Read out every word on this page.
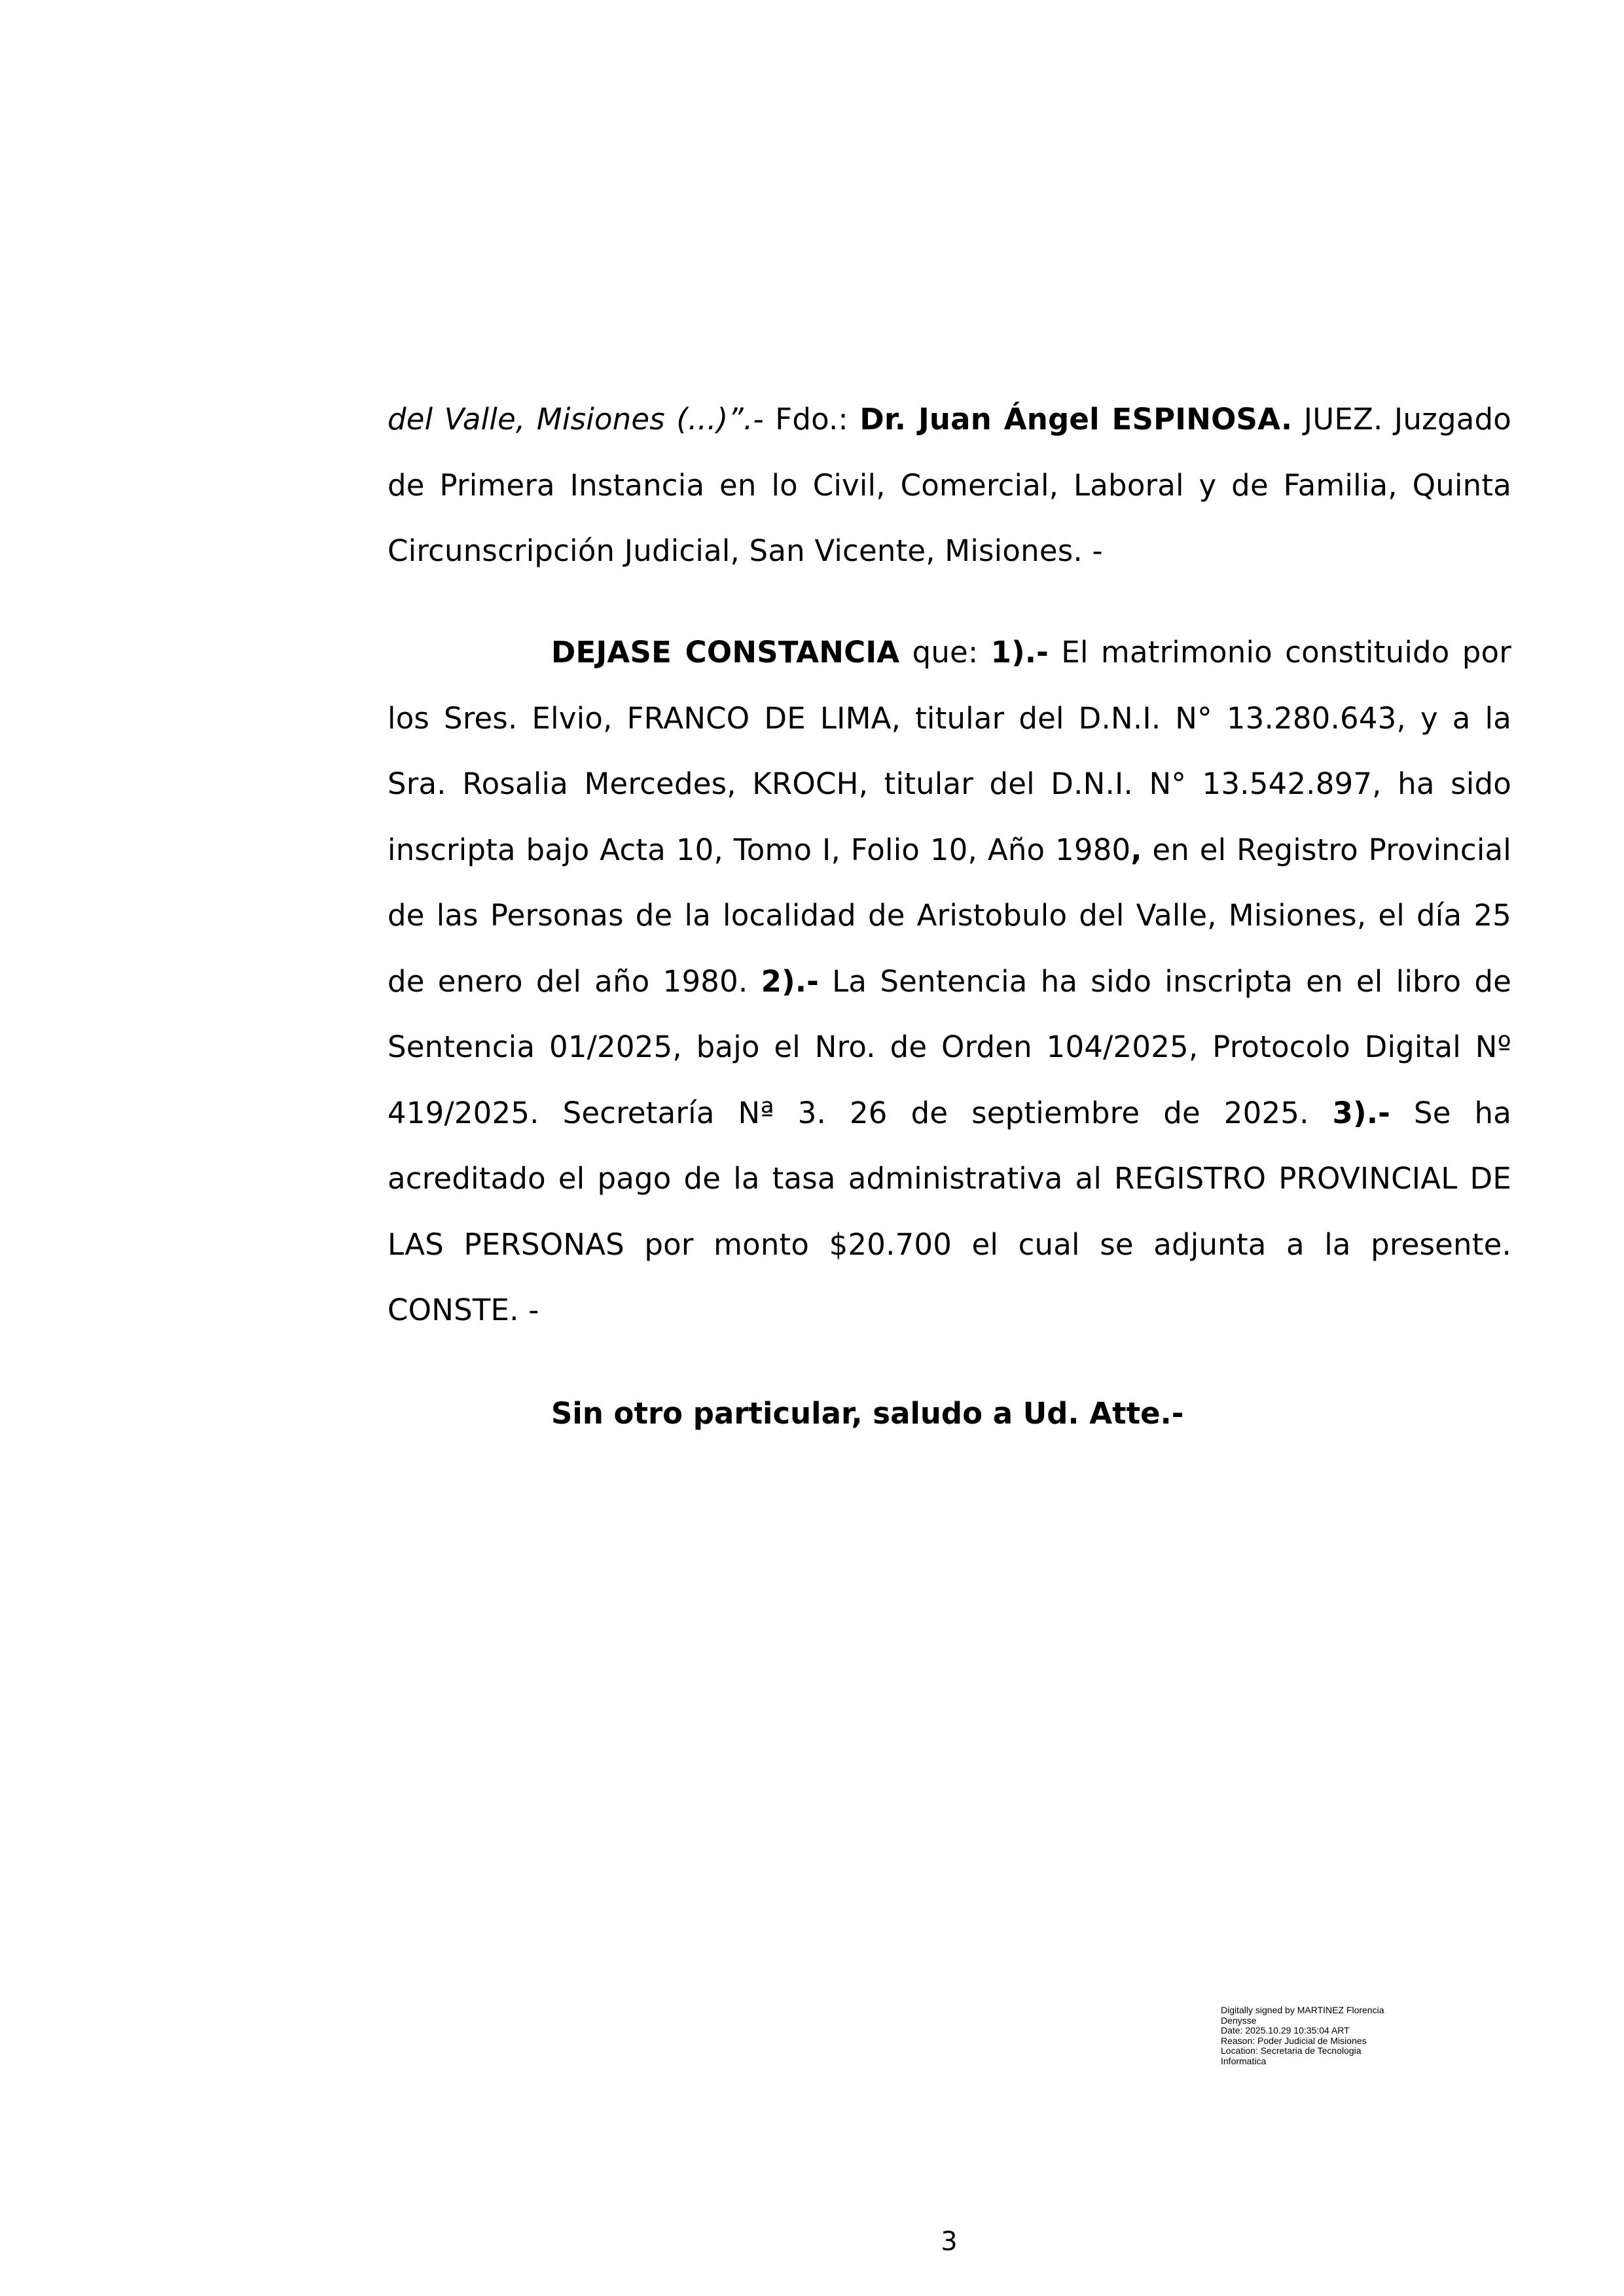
del Valle, Misiones (...)”.- Fdo.: Dr. Juan Ángel ESPINOSA. JUEZ. Juzgado de Primera Instancia en lo Civil, Comercial, Laboral y de Familia, Quinta Circunscripción Judicial, San Vicente, Misiones. -
DEJASE CONSTANCIA que: 1).- El matrimonio constituido por los Sres. Elvio, FRANCO DE LIMA, titular del D.N.I. N° 13.280.643, y a la Sra. Rosalia Mercedes, KROCH, titular del D.N.I. N° 13.542.897, ha sido inscripta bajo Acta 10, Tomo I, Folio 10, Año 1980, en el Registro Provincial de las Personas de la localidad de Aristobulo del Valle, Misiones, el día 25 de enero del año 1980. 2).- La Sentencia ha sido inscripta en el libro de Sentencia 01/2025, bajo el Nro. de Orden 104/2025, Protocolo Digital Nº 419/2025. Secretaría Nª 3. 26 de septiembre de 2025. 3).- Se ha acreditado el pago de la tasa administrativa al REGISTRO PROVINCIAL DE LAS PERSONAS por monto $20.700 el cual se adjunta a la presente. CONSTE. -
Sin otro particular, saludo a Ud. Atte.-
Digitally signed by MARTINEZ Florencia
Denysse
Date: 2025.10.29 10:35:04 ART
Reason: Poder Judicial de Misiones
Location: Secretaria de Tecnologia
Informatica
3
